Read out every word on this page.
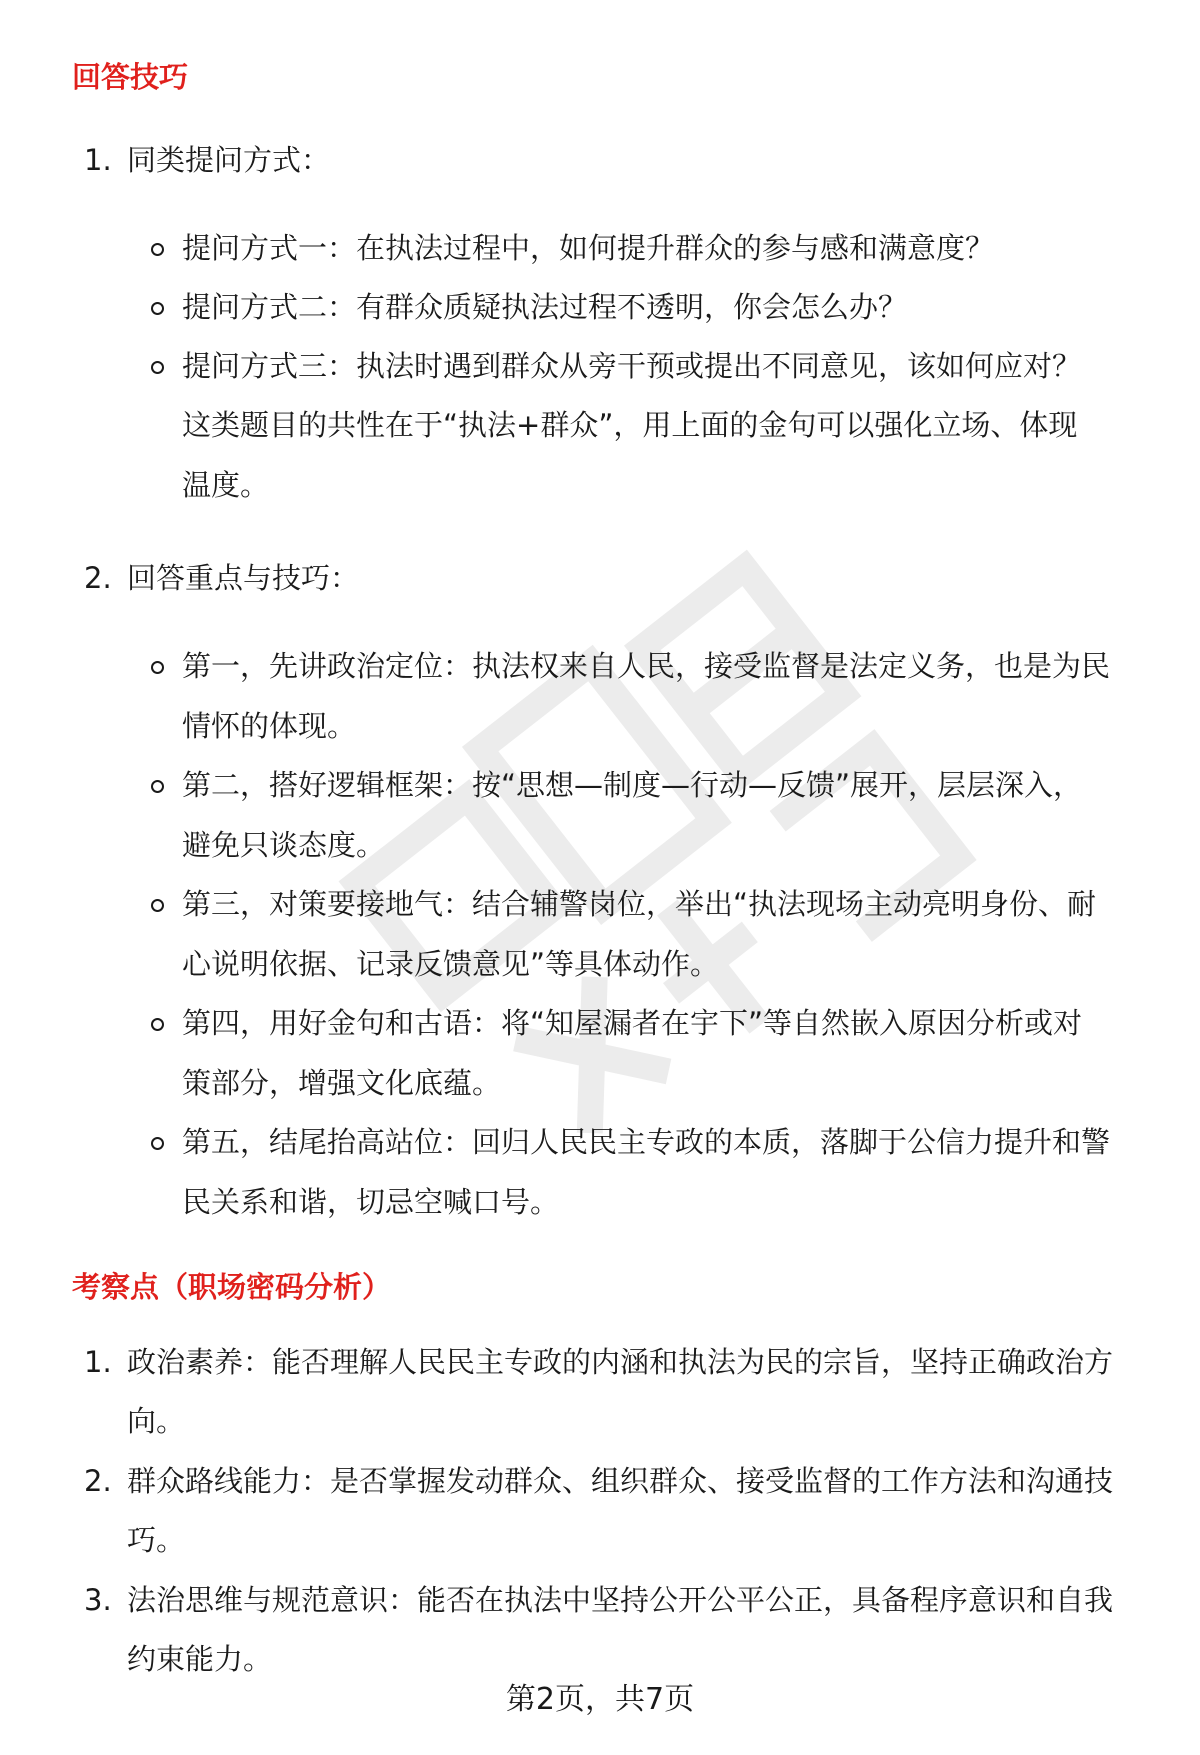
回答技巧
1. 同类提问方式：
提问方式一：在执法过程中，如何提升群众的参与感和满意度？
提问方式二：有群众质疑执法过程不透明，你会怎么办？
提问方式三：执法时遇到群众从旁干预或提出不同意见，该如何应对？
这类题目的共性在于“执法+群众”，用上面的金句可以强化立场、体现
温度。
2. 回答重点与技巧：
第一，先讲政治定位：执法权来自人民，接受监督是法定义务，也是为民
情怀的体现。
第二，搭好逻辑框架：按“思想—制度—行动—反馈”展开，层层深入，
避免只谈态度。
第三，对策要接地气：结合辅警岗位，举出“执法现场主动亮明身份、耐
心说明依据、记录反馈意见”等具体动作。
第四，用好金句和古语：将“知屋漏者在宇下”等自然嵌入原因分析或对
策部分，增强文化底蕴。
第五，结尾抬高站位：回归人民民主专政的本质，落脚于公信力提升和警
民关系和谐，切忌空喊口号。
考察点（职场密码分析）
1. 政治素养：能否理解人民民主专政的内涵和执法为民的宗旨，坚持正确政治方
向。
2. 群众路线能力：是否掌握发动群众、组织群众、接受监督的工作方法和沟通技
巧。
3. 法治思维与规范意识：能否在执法中坚持公开公平公正，具备程序意识和自我
约束能力。
第2页，共7页
